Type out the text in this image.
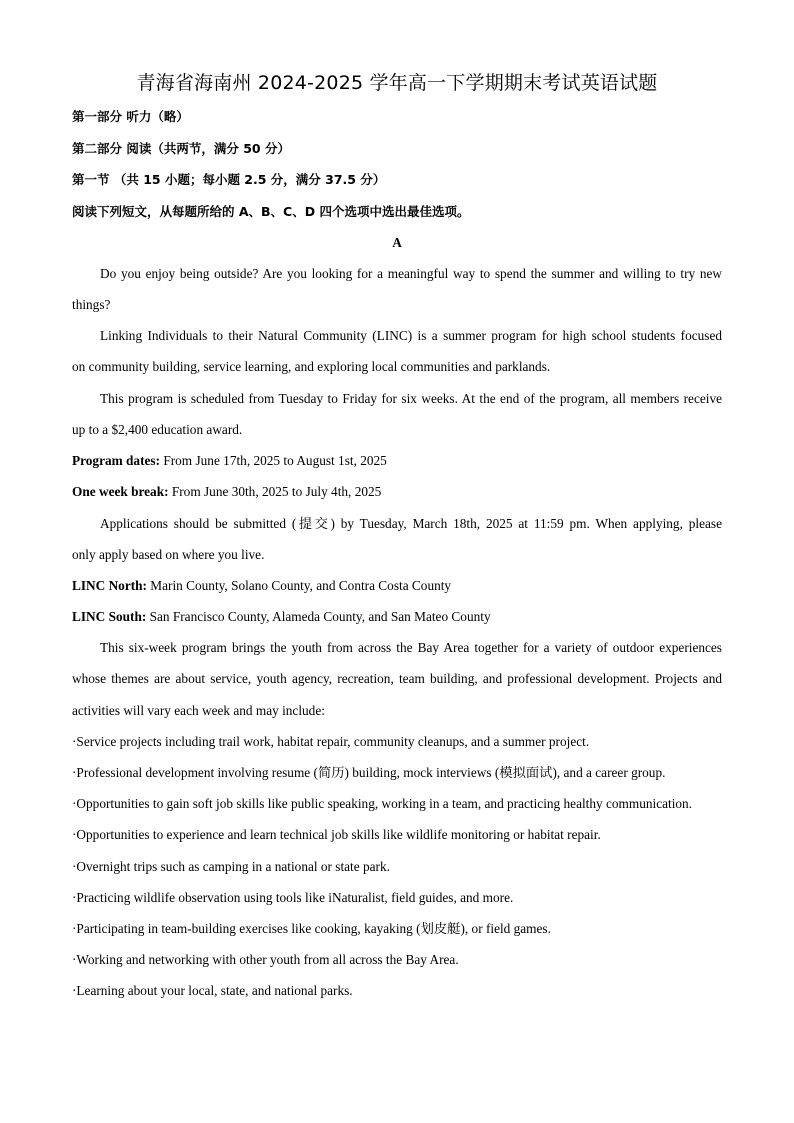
青海省海南州 2024-2025 学年高一下学期期末考试英语试题
第一部分 听力（略）
第二部分 阅读（共两节，满分 50 分）
第一节 （共 15 小题；每小题 2.5 分，满分 37.5 分）
阅读下列短文，从每题所给的 A、B、C、D 四个选项中选出最佳选项。
A
Do you enjoy being outside? Are you looking for a meaningful way to spend the summer and willing to try new
things?
Linking Individuals to their Natural Community (LINC) is a summer program for high school students focused
on community building, service learning, and exploring local communities and parklands.
This program is scheduled from Tuesday to Friday for six weeks. At the end of the program, all members receive
up to a $2,400 education award.
Program dates: From June 17th, 2025 to August 1st, 2025
One week break: From June 30th, 2025 to July 4th, 2025
Applications should be submitted (提交) by Tuesday, March 18th, 2025 at 11:59 pm. When applying, please
only apply based on where you live.
LINC North: Marin County, Solano County, and Contra Costa County
LINC South: San Francisco County, Alameda County, and San Mateo County
This six-week program brings the youth from across the Bay Area together for a variety of outdoor experiences
whose themes are about service, youth agency, recreation, team building, and professional development. Projects and
activities will vary each week and may include:
·Service projects including trail work, habitat repair, community cleanups, and a summer project.
·Professional development involving resume (简历) building, mock interviews (模拟面试), and a career group.
·Opportunities to gain soft job skills like public speaking, working in a team, and practicing healthy communication.
·Opportunities to experience and learn technical job skills like wildlife monitoring or habitat repair.
·Overnight trips such as camping in a national or state park.
·Practicing wildlife observation using tools like iNaturalist, field guides, and more.
·Participating in team-building exercises like cooking, kayaking (划皮艇), or field games.
·Working and networking with other youth from all across the Bay Area.
·Learning about your local, state, and national parks.
